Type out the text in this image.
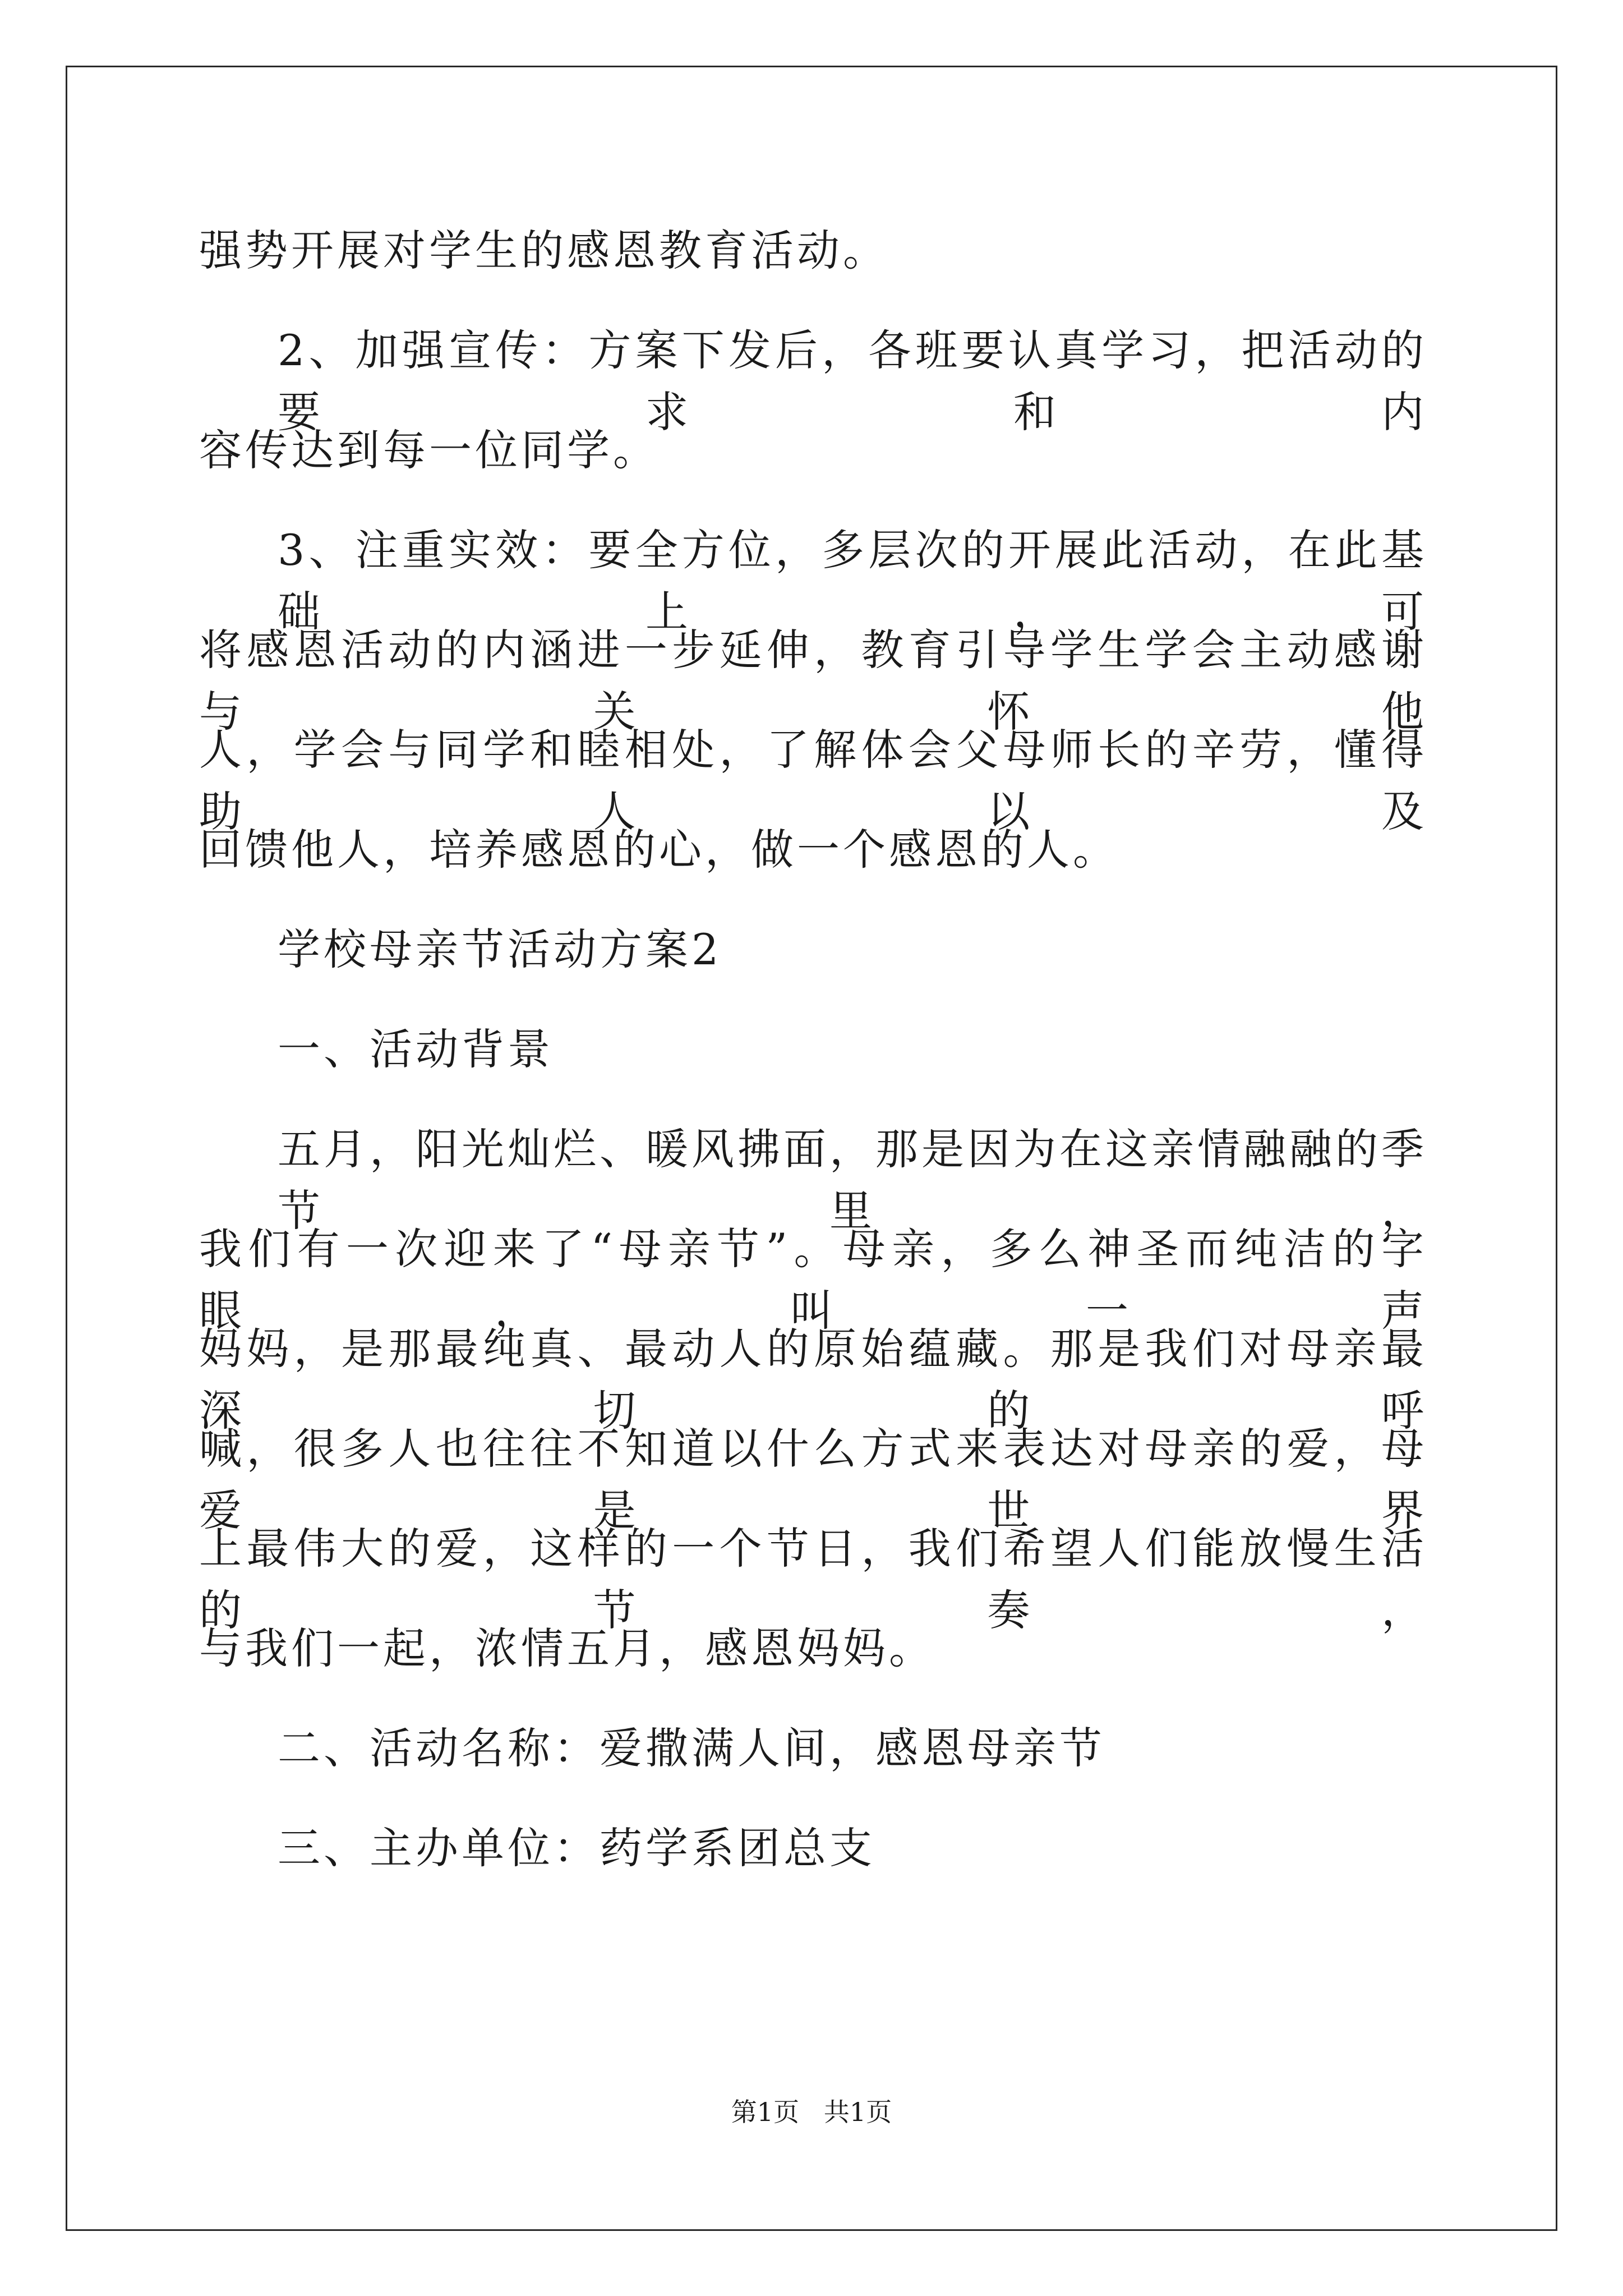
强势开展对学生的感恩教育活动。
2、加强宣传：方案下发后，各班要认真学习，把活动的要求和内
容传达到每一位同学。
3、注重实效：要全方位，多层次的开展此活动，在此基础上，可
将感恩活动的内涵进一步延伸，教育引导学生学会主动感谢与关怀他
人，学会与同学和睦相处，了解体会父母师长的辛劳，懂得助人以及
回馈他人，培养感恩的心，做一个感恩的人。
学校母亲节活动方案2
一、活动背景
五月，阳光灿烂、暖风拂面，那是因为在这亲情融融的季节里，
我们有一次迎来了“母亲节”。母亲，多么神圣而纯洁的字眼，叫一声
妈妈，是那最纯真、最动人的原始蕴藏。那是我们对母亲最深切的呼
喊，很多人也往往不知道以什么方式来表达对母亲的爱，母爱是世界
上最伟大的爱，这样的一个节日，我们希望人们能放慢生活的节奏，
与我们一起，浓情五月，感恩妈妈。
二、活动名称：爱撒满人间，感恩母亲节
三、主办单位：药学系团总支
第1页   共1页
